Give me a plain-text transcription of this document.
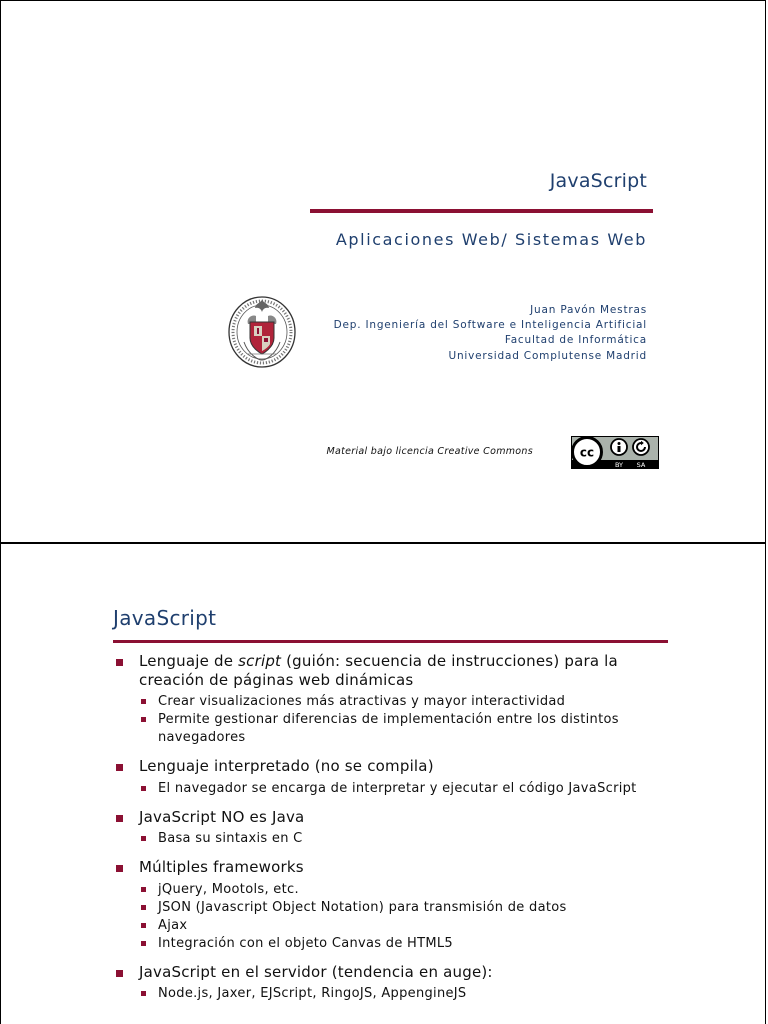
JavaScript
Aplicaciones Web/ Sistemas Web
Juan Pavón Mestras
Dep. Ingeniería del Software e Inteligencia Artificial
Facultad de Informática
Universidad Complutense Madrid
Material bajo licencia Creative Commons	cc
BY SA
JavaScript
Lenguaje de script (guión: secuencia de instrucciones) para la creación de páginas web dinámicas
Crear visualizaciones más atractivas y mayor interactividad
Permite gestionar diferencias de implementación entre los distintos navegadores
Lenguaje interpretado (no se compila)
El navegador se encarga de interpretar y ejecutar el código JavaScript
JavaScript NO es Java
Basa su sintaxis en C
Múltiples frameworks
jQuery, Mootols, etc.
JSON (Javascript Object Notation) para transmisión de datos
Ajax
Integración con el objeto Canvas de HTML5
JavaScript en el servidor (tendencia en auge):
Node.js, Jaxer, EJScript, RingoJS, AppengineJS
